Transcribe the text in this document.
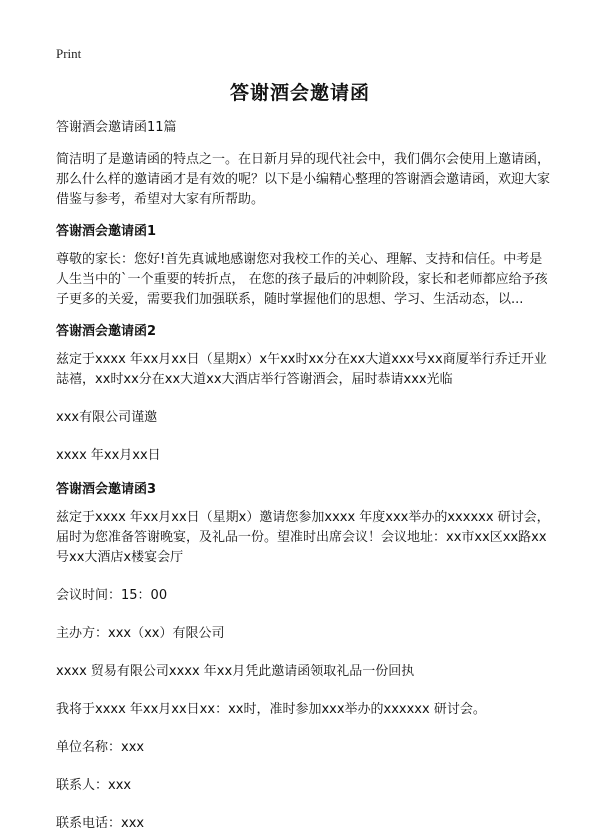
Print
答谢酒会邀请函

答谢酒会邀请函11篇

简洁明了是邀请函的特点之一。在日新月异的现代社会中，我们偶尔会使用上邀请函，那么什么样的邀请函才是有效的呢？以下是小编精心整理的答谢酒会邀请函，欢迎大家借鉴与参考，希望对大家有所帮助。

答谢酒会邀请函1

尊敬的家长：您好!首先真诚地感谢您对我校工作的关心、理解、支持和信任。中考是人生当中的`一个重要的转折点， 在您的孩子最后的冲刺阶段，家长和老师都应给予孩子更多的关爱，需要我们加强联系，随时掌握他们的思想、学习、生活动态，以...

答谢酒会邀请函2

兹定于xxxx 年xx月xx日（星期x）x午xx时xx分在xx大道xxx号xx商厦举行乔迁开业誌禧，xx时xx分在xx大道xx大酒店举行答谢酒会，届时恭请xxx光临

xxx有限公司谨邀

xxxx 年xx月xx日

答谢酒会邀请函3

兹定于xxxx 年xx月xx日（星期x）邀请您参加xxxx 年度xxx举办的xxxxxx 研讨会，届时为您准备答谢晚宴，及礼品一份。望准时出席会议！会议地址：xx市xx区xx路xx号xx大酒店x楼宴会厅

会议时间：15：00

主办方：xxx（xx）有限公司

xxxx 贸易有限公司xxxx 年xx月凭此邀请函领取礼品一份回执

我将于xxxx 年xx月xx日xx：xx时，准时参加xxx举办的xxxxxx 研讨会。

单位名称：xxx

联系人：xxx

联系电话：xxx
